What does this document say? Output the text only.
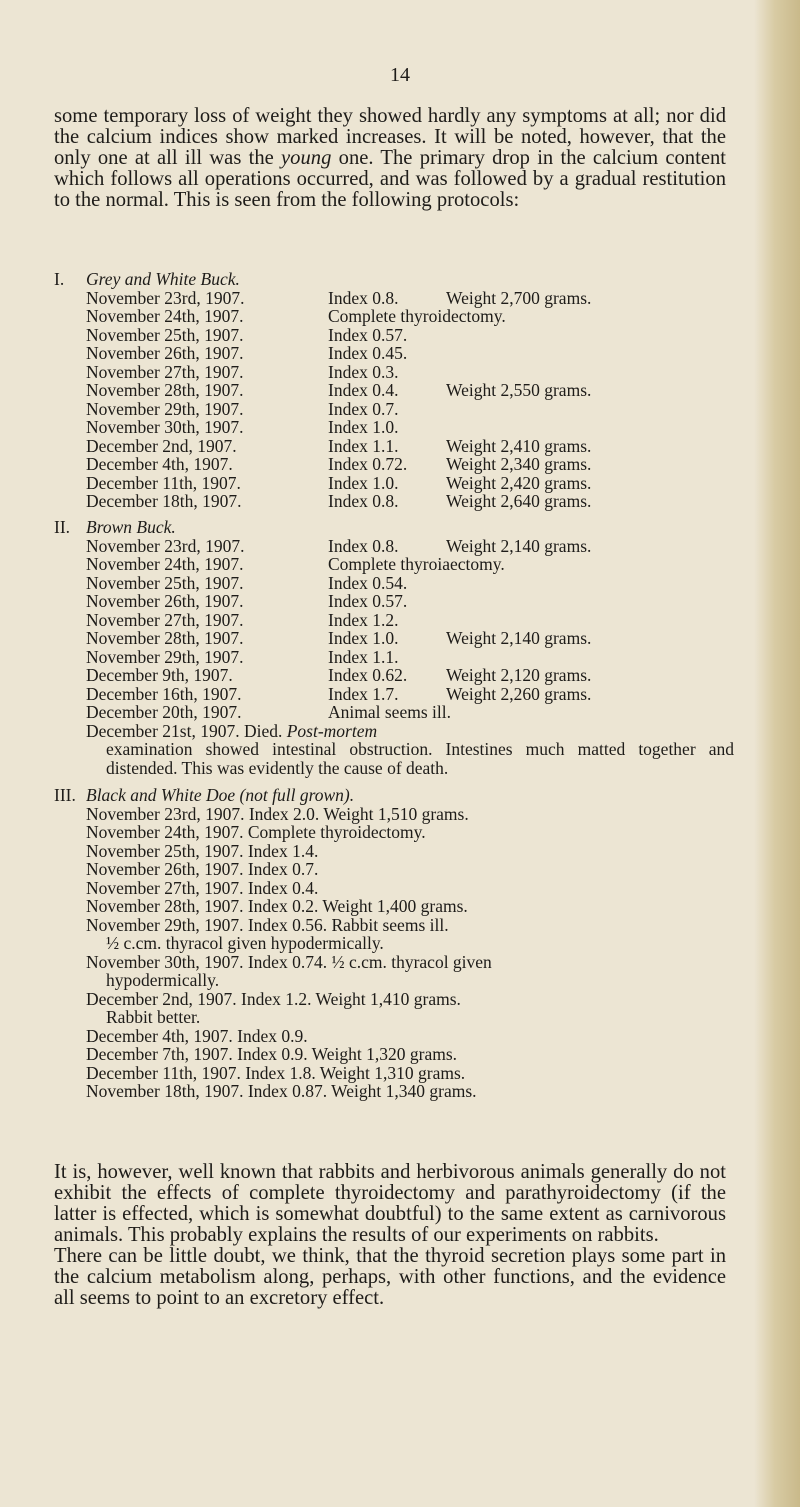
14

some temporary loss of weight they showed hardly any symptoms at all; nor did the calcium indices show marked increases. It will be noted, however, that the only one at all ill was the young one. The primary drop in the calcium content which follows all operations occurred, and was followed by a gradual restitution to the normal. This is seen from the following protocols:

I. Grey and White Buck.
November 23rd, 1907.	Index 0.8.	Weight 2,700 grams.
November 24th, 1907.	Complete thyroidectomy.
November 25th, 1907.	Index 0.57.
November 26th, 1907.	Index 0.45.
November 27th, 1907.	Index 0.3.
November 28th, 1907.	Index 0.4.	Weight 2,550 grams.
November 29th, 1907.	Index 0.7.
November 30th, 1907.	Index 1.0.
December 2nd, 1907.	Index 1.1.	Weight 2,410 grams.
December 4th, 1907.	Index 0.72. Weight 2,340 grams.
December 11th, 1907.	Index 1.0.	Weight 2,420 grams.
December 18th, 1907.	Index 0.8.	Weight 2,640 grams.
II. Brown Buck.
November 23rd, 1907.	Index 0.8.	Weight 2,140 grams.
November 24th, 1907.	Complete thyroiaectomy.
November 25th, 1907.	Index 0.54.
November 26th, 1907.	Index 0.57.
November 27th, 1907.	Index 1.2.
November 28th, 1907.	Index 1.0.	Weight 2,140 grams.
November 29th, 1907.	Index 1.1.
December 9th, 1907.	Index 0.62. Weight 2,120 grams.
December 16th, 1907.	Index 1.7.	Weight 2,260 grams.
December 20th, 1907.	Animal seems ill.
December 21st, 1907. Died. Post-mortem
examination showed intestinal obstruction. Intestines much matted together and distended. This was evidently the cause of death.
III. Black and White Doe (not full grown).
November 23rd, 1907. Index 2.0. Weight 1,510 grams.
November 24th, 1907. Complete thyroidectomy.
November 25th, 1907. Index 1.4.
November 26th, 1907. Index 0.7.
November 27th, 1907. Index 0.4.
November 28th, 1907. Index 0.2. Weight 1,400 grams.
November 29th, 1907. Index 0.56. Rabbit seems ill.
½ c.cm. thyracol given hypodermically.
November 30th, 1907. Index 0.74. ½ c.cm. thyracol given
hypodermically.
December 2nd, 1907. Index 1.2. Weight 1,410 grams.
Rabbit better.
December 4th, 1907. Index 0.9.
December 7th, 1907. Index 0.9. Weight 1,320 grams.
December 11th, 1907. Index 1.8. Weight 1,310 grams.
November 18th, 1907. Index 0.87. Weight 1,340 grams.

It is, however, well known that rabbits and herbivorous animals generally do not exhibit the effects of complete thyroidectomy and parathyroidectomy (if the latter is effected, which is somewhat doubtful) to the same extent as carnivorous animals. This probably explains the results of our experiments on rabbits.

There can be little doubt, we think, that the thyroid secretion plays some part in the calcium metabolism along, perhaps, with other functions, and the evidence all seems to point to an excretory effect.
